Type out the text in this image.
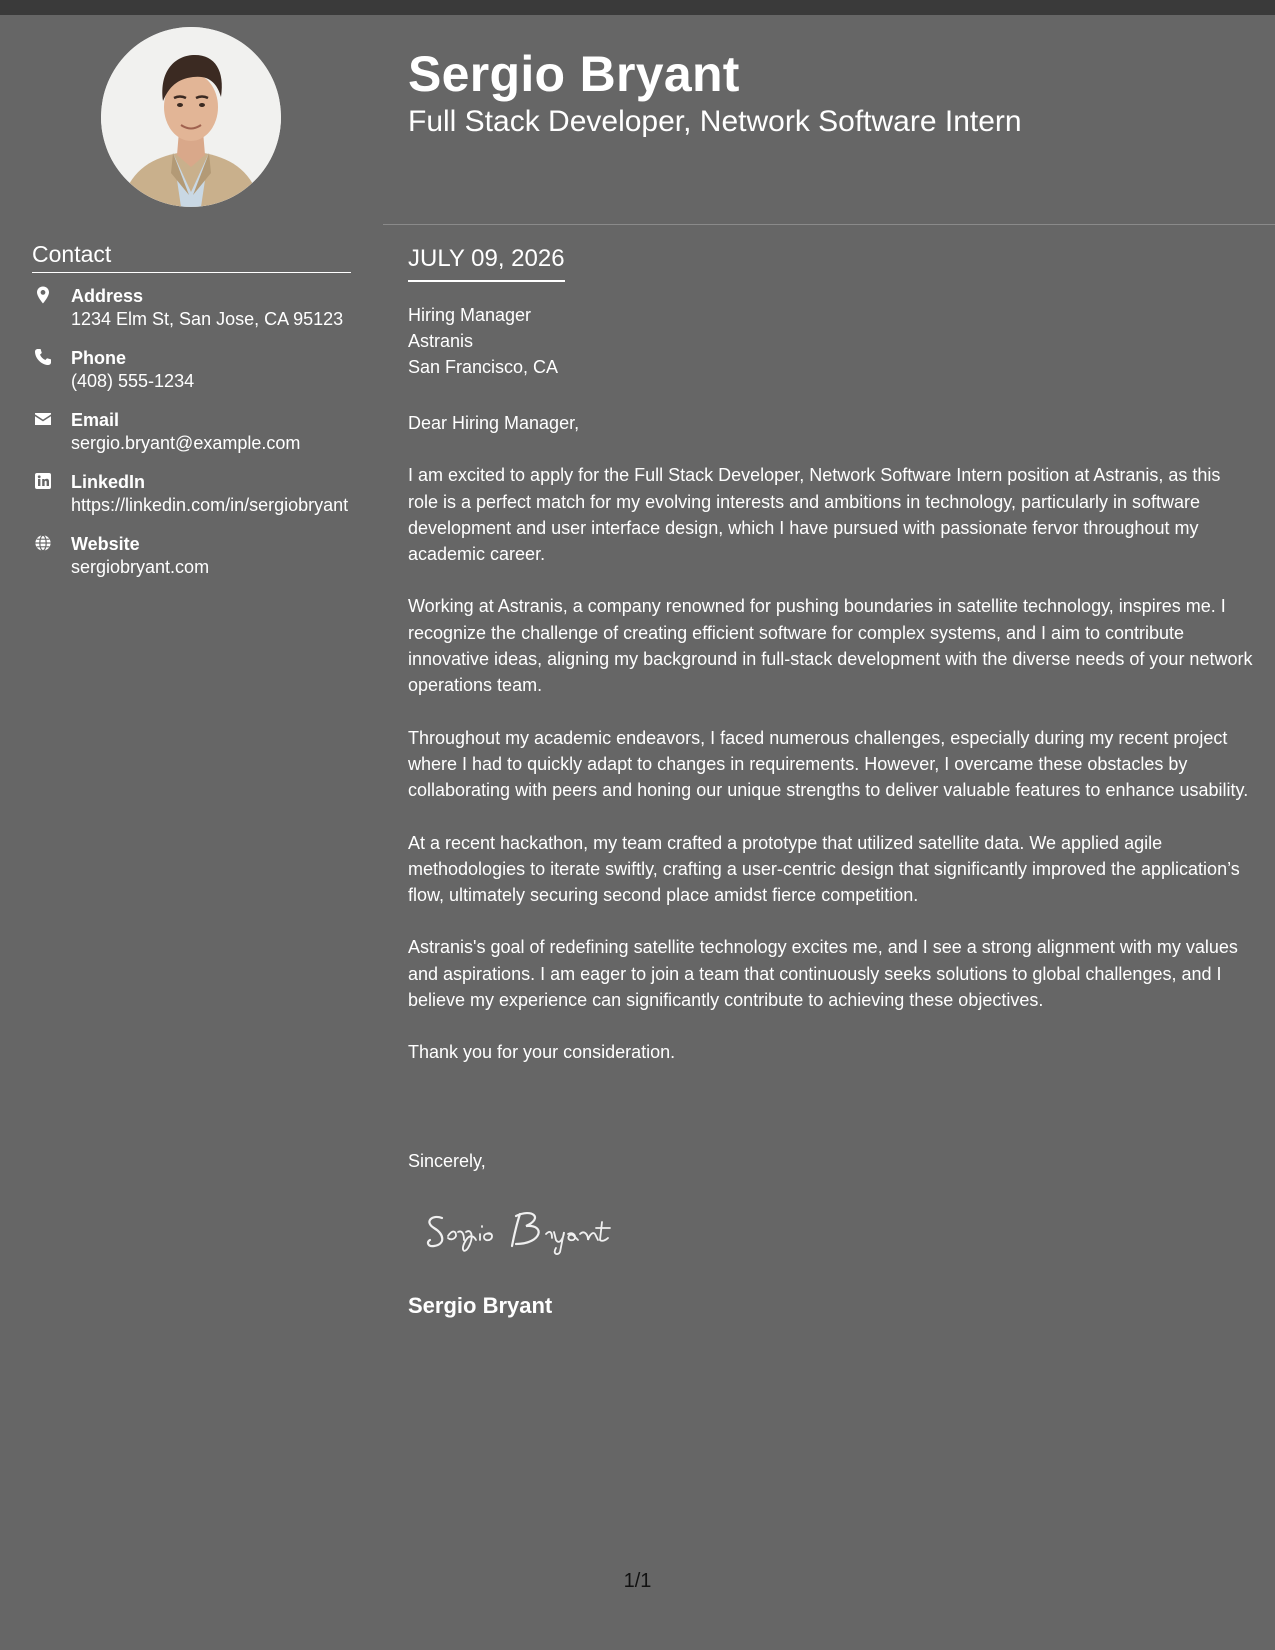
Contact
Address
1234 Elm St, San Jose, CA 95123
Phone
(408) 555-1234
Email
sergio.bryant@example.com
LinkedIn
https://linkedin.com/in/sergiobryant
Website
sergiobryant.com
Sergio Bryant
Full Stack Developer, Network Software Intern
JULY 09, 2026
Hiring Manager
Astranis
San Francisco, CA

Dear Hiring Manager,

I am excited to apply for the Full Stack Developer, Network Software Intern position at Astranis, as this role is a perfect match for my evolving interests and ambitions in technology, particularly in software development and user interface design, which I have pursued with passionate fervor throughout my academic career.

Working at Astranis, a company renowned for pushing boundaries in satellite technology, inspires me. I recognize the challenge of creating efficient software for complex systems, and I aim to contribute innovative ideas, aligning my background in full-stack development with the diverse needs of your network operations team.

Throughout my academic endeavors, I faced numerous challenges, especially during my recent project where I had to quickly adapt to changes in requirements. However, I overcame these obstacles by collaborating with peers and honing our unique strengths to deliver valuable features to enhance usability.

At a recent hackathon, my team crafted a prototype that utilized satellite data. We applied agile methodologies to iterate swiftly, crafting a user-centric design that significantly improved the application’s flow, ultimately securing second place amidst fierce competition.

Astranis's goal of redefining satellite technology excites me, and I see a strong alignment with my values and aspirations. I am eager to join a team that continuously seeks solutions to global challenges, and I believe my experience can significantly contribute to achieving these objectives.

Thank you for your consideration.

Sincerely,
Sergio Bryant
1/1
